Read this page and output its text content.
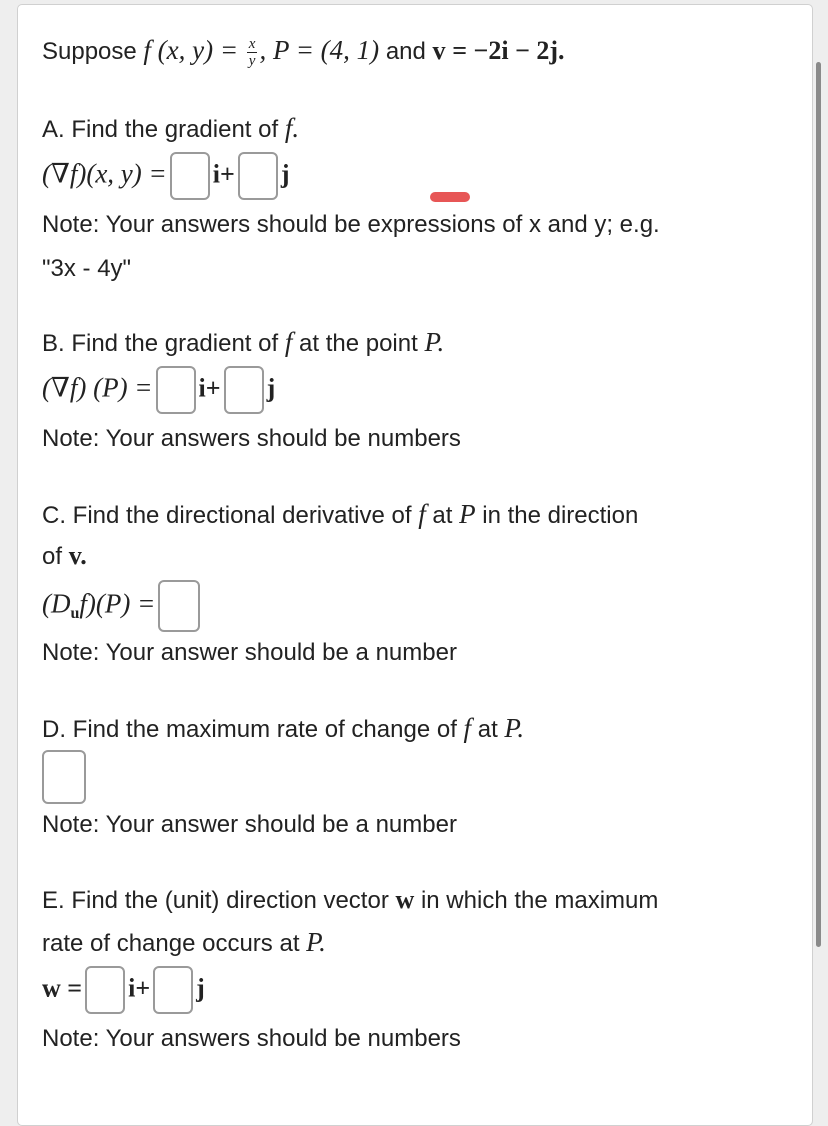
Suppose f (x, $y) = \frac{x}{y}$ , P = (4, 1) and v = −2i − 2j.
A. Find the gradient of f.
(∇f)(x, y) = i+ j
Note: Your answers should be expressions of x and y; e.g.
"3x - 4y"
B. Find the gradient of f at the point P.
(∇f) (P) = i+ j
Note: Your answers should be numbers
C. Find the directional derivative of f at P in the direction
of v.
$(D_uf)(P)$ =
Note: Your answer should be a number
D. Find the maximum rate of change of f at P.
Note: Your answer should be a number
E. Find the (unit) direction vector w in which the maximum
rate of change occurs at P.
w = i+ j
Note: Your answers should be numbers
